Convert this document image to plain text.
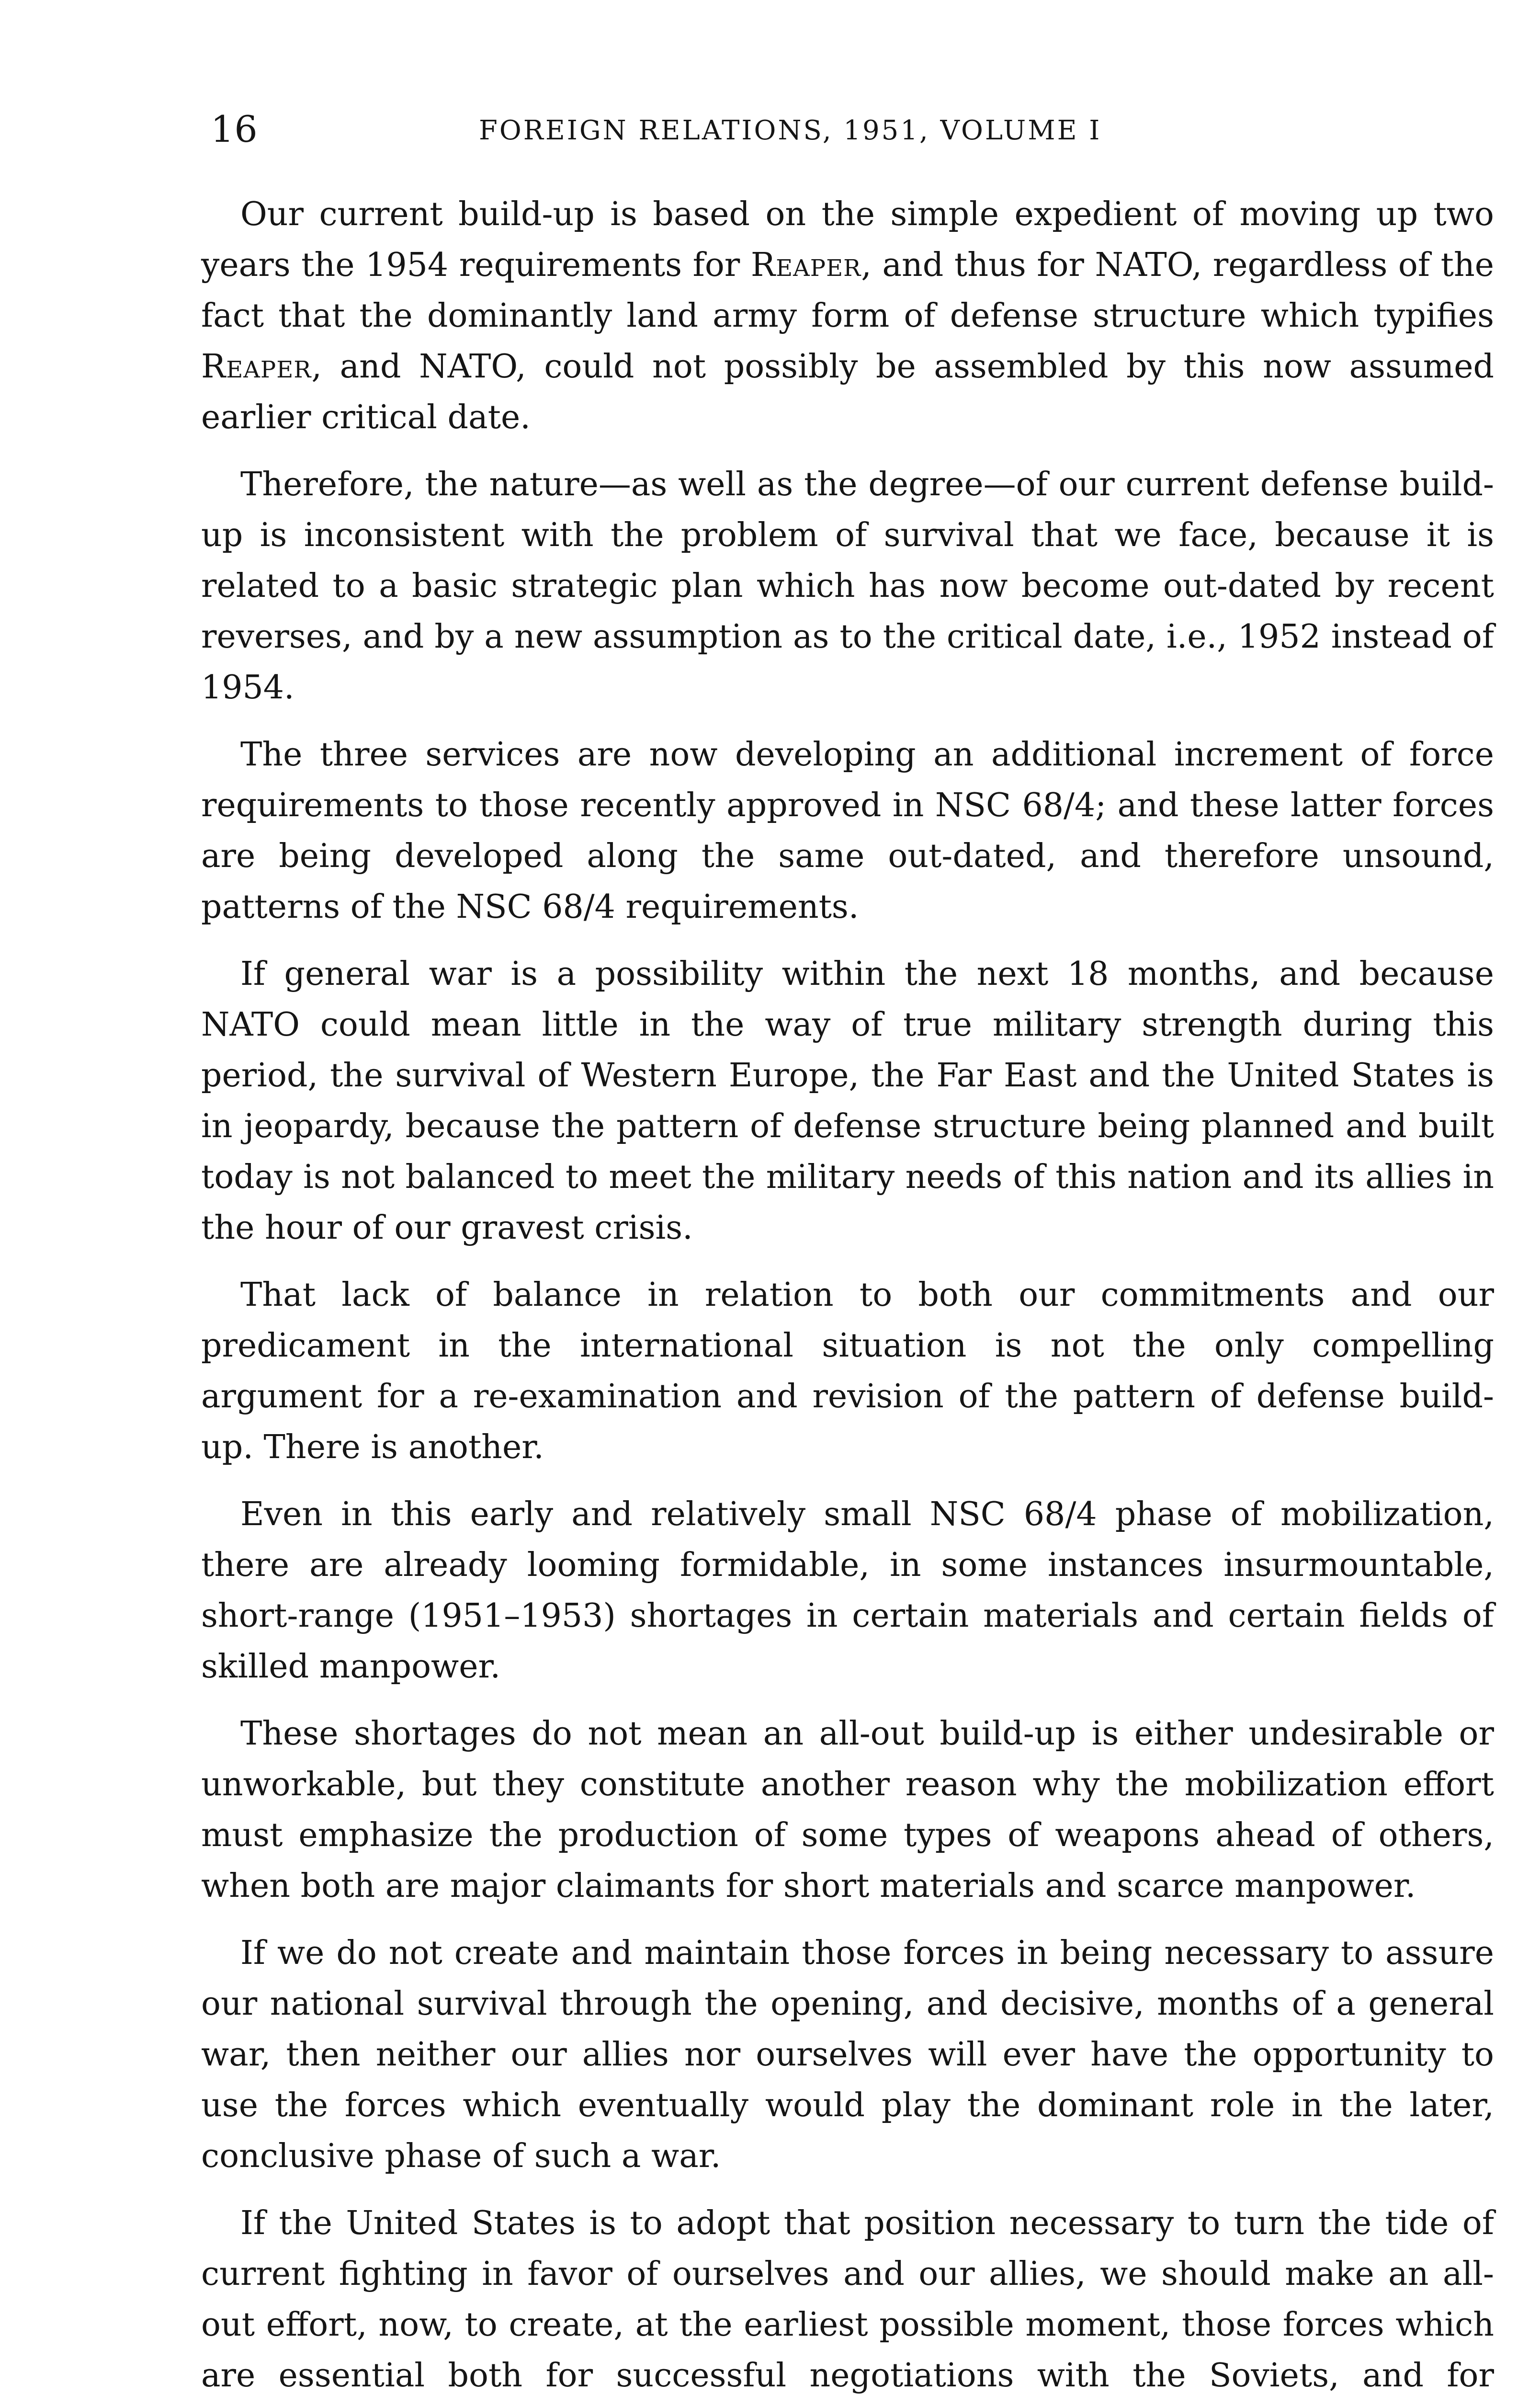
16	FOREIGN RELATIONS, 1951, VOLUME I

Our current build-up is based on the simple expedient of moving up two years the 1954 requirements for Reaper, and thus for NATO, regardless of the fact that the dominantly land army form of defense structure which typifies Reaper, and NATO, could not possibly be assembled by this now assumed earlier critical date.

Therefore, the nature—as well as the degree—of our current defense build-up is inconsistent with the problem of survival that we face, because it is related to a basic strategic plan which has now become out-dated by recent reverses, and by a new assumption as to the critical date, i.e., 1952 instead of 1954.

The three services are now developing an additional increment of force requirements to those recently approved in NSC 68/4; and these latter forces are being developed along the same out-dated, and therefore unsound, patterns of the NSC 68/4 requirements.

If general war is a possibility within the next 18 months, and because NATO could mean little in the way of true military strength during this period, the survival of Western Europe, the Far East and the United States is in jeopardy, because the pattern of defense structure being planned and built today is not balanced to meet the military needs of this nation and its allies in the hour of our gravest crisis.

That lack of balance in relation to both our commitments and our predicament in the international situation is not the only compelling argument for a re-examination and revision of the pattern of defense build-up. There is another.

Even in this early and relatively small NSC 68/4 phase of mobilization, there are already looming formidable, in some instances insurmountable, short-range (1951–1953) shortages in certain materials and certain fields of skilled manpower.

These shortages do not mean an all-out build-up is either undesirable or unworkable, but they constitute another reason why the mobilization effort must emphasize the production of some types of weapons ahead of others, when both are major claimants for short materials and scarce manpower.

If we do not create and maintain those forces in being necessary to assure our national survival through the opening, and decisive, months of a general war, then neither our allies nor ourselves will ever have the opportunity to use the forces which eventually would play the dominant role in the later, conclusive phase of such a war.

If the United States is to adopt that position necessary to turn the tide of current fighting in favor of ourselves and our allies, we should make an all-out effort, now, to create, at the earliest possible moment, those forces which are essential both for successful negotiations with the Soviets, and for
